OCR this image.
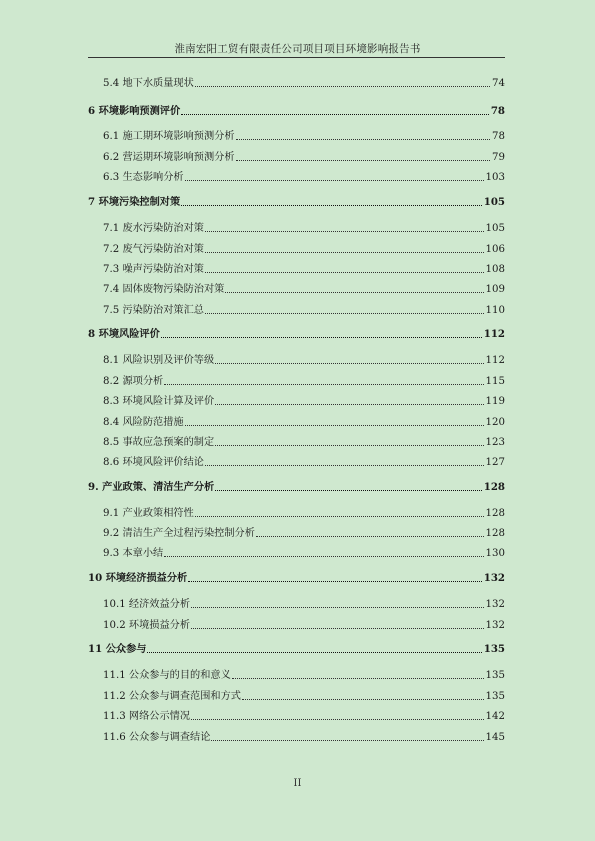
淮南宏阳工贸有限责任公司项目项目环境影响报告书
5.4 地下水质量现状	74
6 环境影响预测评价	78
6.1 施工期环境影响预测分析	78
6.2 营运期环境影响预测分析	79
6.3 生态影响分析	103
7 环境污染控制对策	105
7.1 废水污染防治对策	105
7.2 废气污染防治对策	106
7.3 噪声污染防治对策	108
7.4 固体废物污染防治对策	109
7.5 污染防治对策汇总	110
8 环境风险评价	112
8.1 风险识别及评价等级	112
8.2 源项分析	115
8.3 环境风险计算及评价	119
8.4 风险防范措施	120
8.5 事故应急预案的制定	123
8.6 环境风险评价结论	127
9. 产业政策、清洁生产分析	128
9.1 产业政策相符性	128
9.2 清洁生产全过程污染控制分析	128
9.3 本章小结	130
10 环境经济损益分析	132
10.1 经济效益分析	132
10.2 环境损益分析	132
11 公众参与	135
11.1 公众参与的目的和意义	135
11.2 公众参与调查范围和方式	135
11.3 网络公示情况	142
11.6 公众参与调查结论	145
II
